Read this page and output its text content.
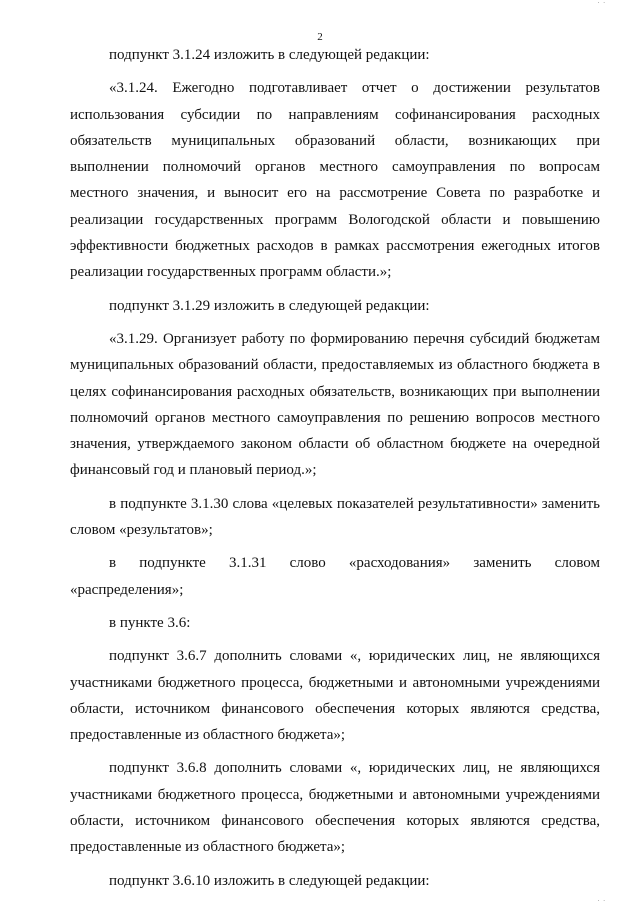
. .
2

подпункт 3.1.24 изложить в следующей редакции:

«3.1.24. Ежегодно подготавливает отчет о достижении результатов использования субсидии по направлениям софинансирования расходных обязательств муниципальных образований области, возникающих при выполнении полномочий органов местного самоуправления по вопросам местного значения, и выносит его на рассмотрение Совета по разработке и реализации государственных программ Вологодской области и повышению эффективности бюджетных расходов в рамках рассмотрения ежегодных итогов реализации государственных программ области.»;

подпункт 3.1.29 изложить в следующей редакции:

«3.1.29. Организует работу по формированию перечня субсидий бюджетам муниципальных образований области, предоставляемых из областного бюджета в целях софинансирования расходных обязательств, возникающих при выполнении полномочий органов местного самоуправления по решению вопросов местного значения, утверждаемого законом области об областном бюджете на очередной финансовый год и плановый период.»;

в подпункте 3.1.30 слова «целевых показателей результативности» заменить словом «результатов»;

в подпункте 3.1.31 слово «расходования» заменить словом «распределения»;

в пункте 3.6:

подпункт 3.6.7 дополнить словами «, юридических лиц, не являющихся участниками бюджетного процесса, бюджетными и автономными учреждениями области, источником финансового обеспечения которых являются средства, предоставленные из областного бюджета»;

подпункт 3.6.8 дополнить словами «, юридических лиц, не являющихся участниками бюджетного процесса, бюджетными и автономными учреждениями области, источником финансового обеспечения которых являются средства, предоставленные из областного бюджета»;

подпункт 3.6.10 изложить в следующей редакции:

. .
